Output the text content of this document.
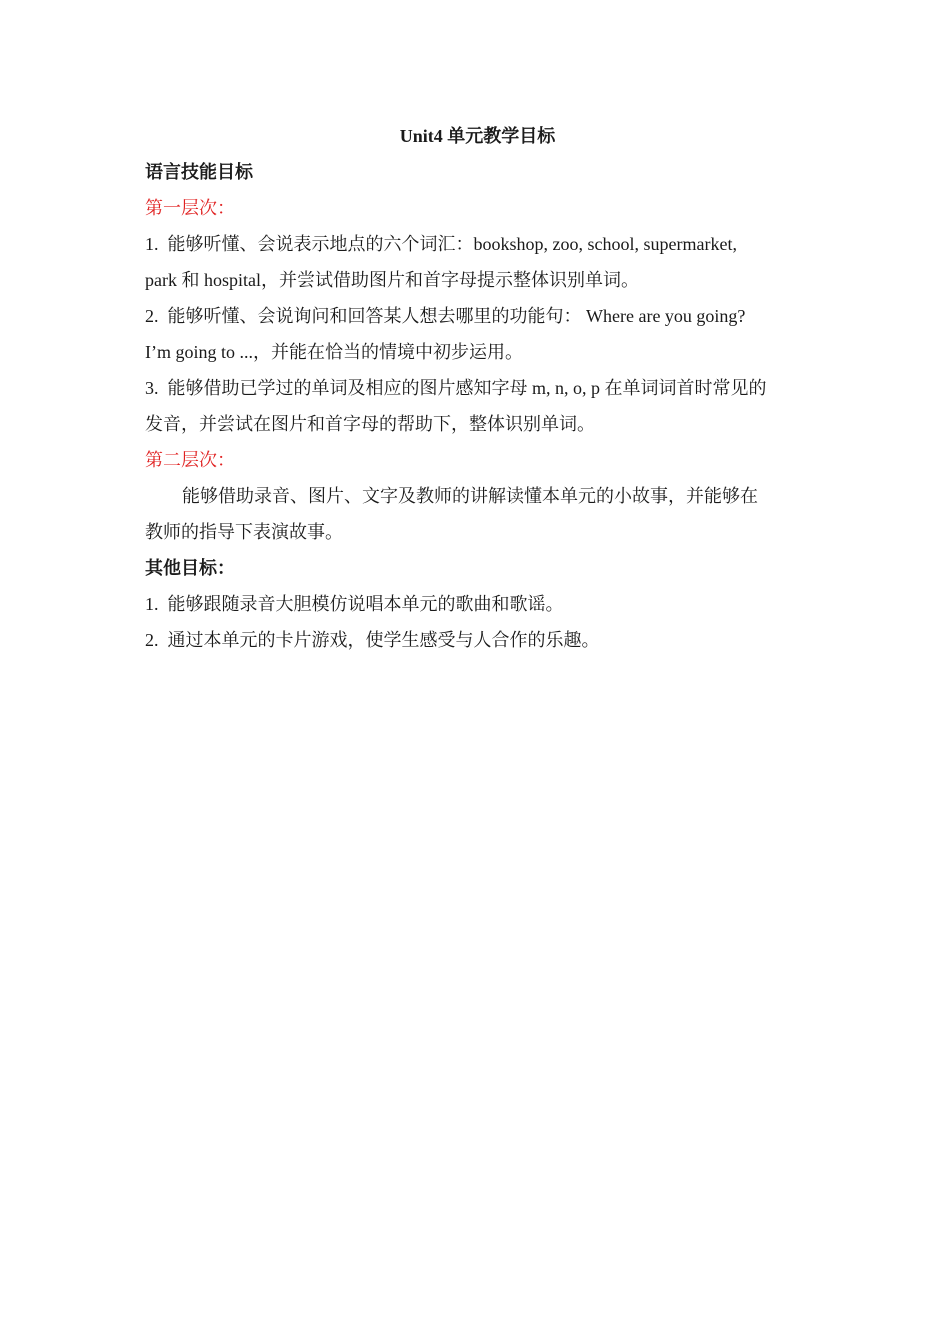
Unit4 单元教学目标

语言技能目标

第一层次：

1. 能够听懂、会说表示地点的六个词汇：bookshop, zoo, school, supermarket,

park 和 hospital，并尝试借助图片和首字母提示整体识别单词。

2. 能够听懂、会说询问和回答某人想去哪里的功能句： Where are you going?

I’m going to ...，并能在恰当的情境中初步运用。

3. 能够借助已学过的单词及相应的图片感知字母 m, n, o, p 在单词词首时常见的

发音，并尝试在图片和首字母的帮助下，整体识别单词。

第二层次：

能够借助录音、图片、文字及教师的讲解读懂本单元的小故事，并能够在

教师的指导下表演故事。

其他目标：

1. 能够跟随录音大胆模仿说唱本单元的歌曲和歌谣。

2. 通过本单元的卡片游戏，使学生感受与人合作的乐趣。
